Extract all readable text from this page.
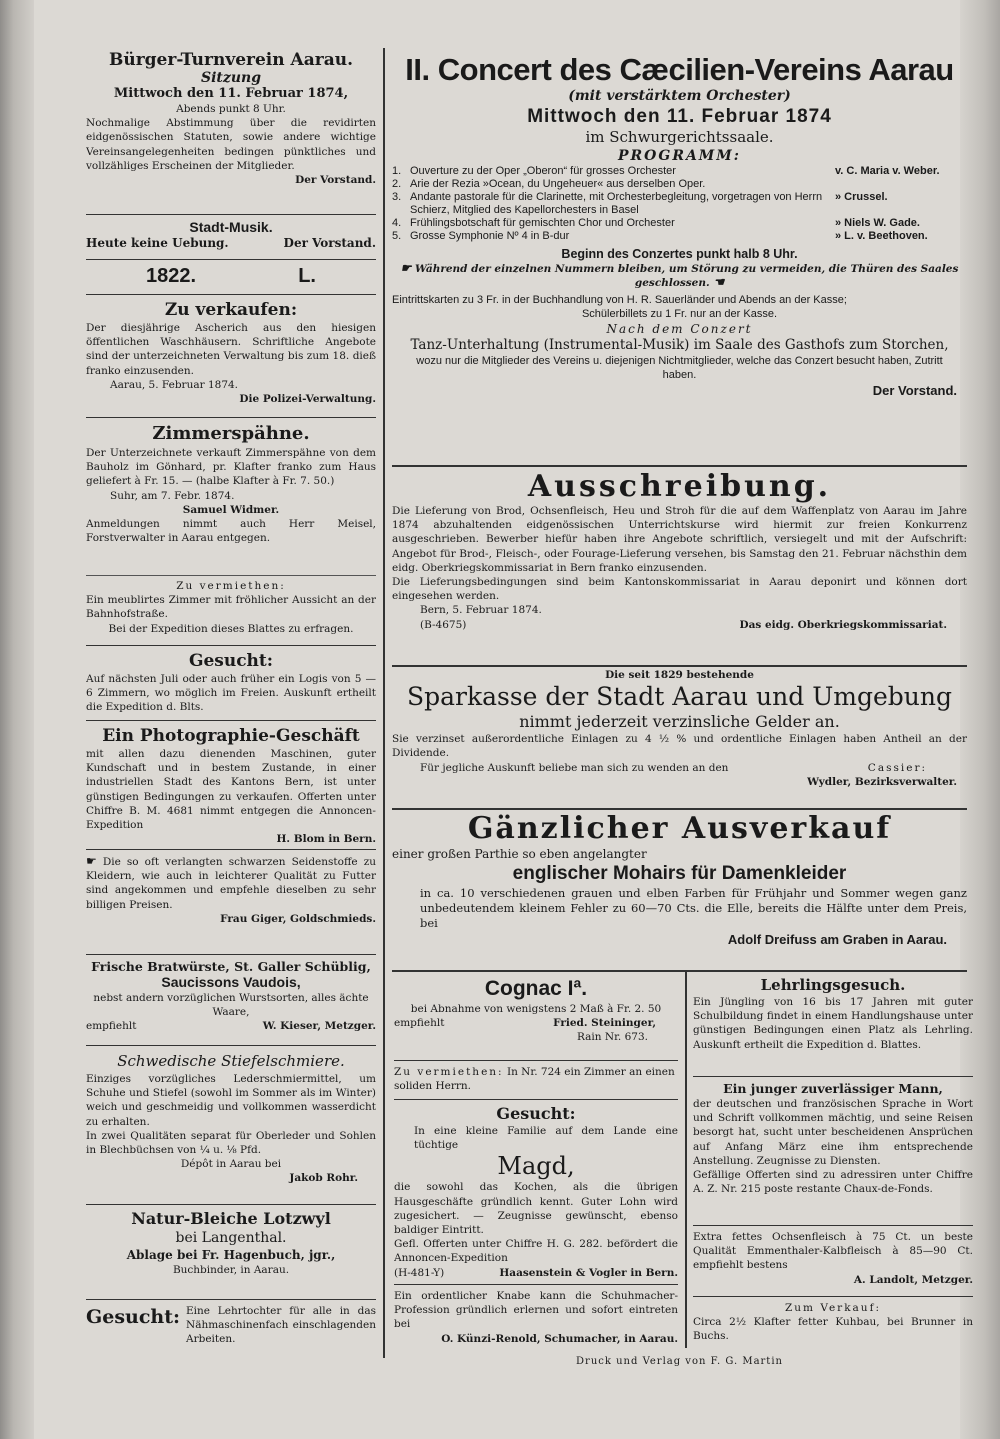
Bürger-Turnverein Aarau.
Sitzung
Mittwoch den 11. Februar 1874,
Abends punkt 8 Uhr.
Nochmalige Abstimmung über die revidirten eidgenössischen Statuten, sowie andere wichtige Vereinsangelegenheiten bedingen pünktliches und vollzähliges Erscheinen der Mitglieder.
Der Vorstand.
Stadt-Musik.
Heute keine Uebung.	Der Vorstand.
1822.	L.
Zu verkaufen:
Der diesjährige Ascherich aus den hiesigen öffentlichen Waschhäusern. Schriftliche Angebote sind der unterzeichneten Verwaltung bis zum 18. dieß franko einzusenden.
Aarau, 5. Februar 1874.
Die Polizei-Verwaltung.
Zimmerspähne.
Der Unterzeichnete verkauft Zimmerspähne von dem Bauholz im Gönhard, pr. Klafter franko zum Haus geliefert à Fr. 15. — (halbe Klafter à Fr. 7. 50.)
Suhr, am 7. Febr. 1874.
Samuel Widmer.
Anmeldungen nimmt auch Herr Meisel, Forstverwalter in Aarau entgegen.
Zu vermiethen:
Ein meublirtes Zimmer mit fröhlicher Aussicht an der Bahnhofstraße.
Bei der Expedition dieses Blattes zu erfragen.
Gesucht:
Auf nächsten Juli oder auch früher ein Logis von 5 — 6 Zimmern, wo möglich im Freien. Auskunft ertheilt die Expedition d. Blts.
Ein Photographie-Geschäft
mit allen dazu dienenden Maschinen, guter Kundschaft und in bestem Zustande, in einer industriellen Stadt des Kantons Bern, ist unter günstigen Bedingungen zu verkaufen. Offerten unter Chiffre B. M. 4681 nimmt entgegen die Annoncen-Expedition
H. Blom in Bern.
☛ Die so oft verlangten schwarzen Seidenstoffe zu Kleidern, wie auch in leichterer Qualität zu Futter sind angekommen und empfehle dieselben zu sehr billigen Preisen.
Frau Giger, Goldschmieds.
Frische Bratwürste, St. Galler Schüblig,
Saucissons Vaudois,
nebst andern vorzüglichen Wurstsorten, alles ächte Waare,
empfiehlt	W. Kieser, Metzger.
Schwedische Stiefelschmiere.
Einziges vorzügliches Lederschmiermittel, um Schuhe und Stiefel (sowohl im Sommer als im Winter) weich und geschmeidig und vollkommen wasserdicht zu erhalten.
In zwei Qualitäten separat für Oberleder und Sohlen in Blechbüchsen von ¼ u. ⅛ Pfd.
Dépôt in Aarau bei
Jakob Rohr.
Natur-Bleiche Lotzwyl
bei Langenthal.
Ablage bei Fr. Hagenbuch, jgr.,
Buchbinder, in Aarau.
Gesucht: Eine Lehrtochter für alle in das Nähmaschinenfach einschlagenden Arbeiten.
II. Concert des Cæcilien-Vereins Aarau
(mit verstärktem Orchester)
Mittwoch den 11. Februar 1874
im Schwurgerichtssaale.
PROGRAMM:
1.	Ouverture zu der Oper „Oberon“ für grosses Orchester	v. C. Maria v. Weber.
2.	Arie der Rezia »Ocean, du Ungeheuer« aus derselben Oper.	
3.	Andante pastorale für die Clarinette, mit Orchesterbegleitung, vorgetragen von Herrn Schierz, Mitglied des Kapellorchesters in Basel	» Crussel.
4.	Frühlingsbotschaft für gemischten Chor und Orchester	» Niels W. Gade.
5.	Grosse Symphonie Nº 4 in B-dur	» L. v. Beethoven.
Beginn des Conzertes punkt halb 8 Uhr.
☛ Während der einzelnen Nummern bleiben, um Störung zu vermeiden, die Thüren des Saales geschlossen. ☚
Eintrittskarten zu 3 Fr. in der Buchhandlung von H. R. Sauerländer und Abends an der Kasse;
Schülerbillets zu 1 Fr. nur an der Kasse.
Nach dem Conzert
Tanz-Unterhaltung (Instrumental-Musik) im Saale des Gasthofs zum Storchen,
wozu nur die Mitglieder des Vereins u. diejenigen Nichtmitglieder, welche das Conzert besucht haben, Zutritt haben.
Der Vorstand.
Ausschreibung.
Die Lieferung von Brod, Ochsenfleisch, Heu und Stroh für die auf dem Waffenplatz von Aarau im Jahre 1874 abzuhaltenden eidgenössischen Unterrichtskurse wird hiermit zur freien Konkurrenz ausgeschrieben. Bewerber hiefür haben ihre Angebote schriftlich, versiegelt und mit der Aufschrift: Angebot für Brod-, Fleisch-, oder Fourage-Lieferung versehen, bis Samstag den 21. Februar nächsthin dem eidg. Oberkriegskommissariat in Bern franko einzusenden.
Die Lieferungsbedingungen sind beim Kantonskommissariat in Aarau deponirt und können dort eingesehen werden.
Bern, 5. Februar 1874.
(B-4675)	Das eidg. Oberkriegskommissariat.
Die seit 1829 bestehende
Sparkasse der Stadt Aarau und Umgebung
nimmt jederzeit verzinsliche Gelder an.
Sie verzinset außerordentliche Einlagen zu 4 ½ % und ordentliche Einlagen haben Antheil an der Dividende.
Für jegliche Auskunft beliebe man sich zu wenden an den	Cassier:
Wydler, Bezirksverwalter.
Gänzlicher Ausverkauf
einer großen Parthie so eben angelangter
englischer Mohairs für Damenkleider
in ca. 10 verschiedenen grauen und elben Farben für Frühjahr und Sommer wegen ganz unbedeutendem kleinem Fehler zu 60—70 Cts. die Elle, bereits die Hälfte unter dem Preis, bei
Adolf Dreifuss am Graben in Aarau.
Cognac Iª.
bei Abnahme von wenigstens 2 Maß à Fr. 2. 50
empfiehlt	Fried. Steininger,
Rain Nr. 673.
Zu vermiethen: In Nr. 724 ein Zimmer an einen soliden Herrn.
Gesucht:
In eine kleine Familie auf dem Lande eine tüchtige
Magd,
die sowohl das Kochen, als die übrigen Hausgeschäfte gründlich kennt. Guter Lohn wird zugesichert. — Zeugnisse gewünscht, ebenso baldiger Eintritt.
Gefl. Offerten unter Chiffre H. G. 282. befördert die Annoncen-Expedition
(H-481-Y)	Haasenstein & Vogler in Bern.
Ein ordentlicher Knabe kann die Schuhmacher-Profession gründlich erlernen und sofort eintreten bei
O. Künzi-Renold, Schumacher, in Aarau.
Lehrlingsgesuch.
Ein Jüngling von 16 bis 17 Jahren mit guter Schulbildung findet in einem Handlungshause unter günstigen Bedingungen einen Platz als Lehrling. Auskunft ertheilt die Expedition d. Blattes.
Ein junger zuverlässiger Mann,
der deutschen und französischen Sprache in Wort und Schrift vollkommen mächtig, und seine Reisen besorgt hat, sucht unter bescheidenen Ansprüchen auf Anfang März eine ihm entsprechende Anstellung. Zeugnisse zu Diensten.
Gefällige Offerten sind zu adressiren unter Chiffre A. Z. Nr. 215 poste restante Chaux-de-Fonds.
Extra fettes Ochsenfleisch à 75 Ct. un beste Qualität Emmenthaler-Kalbfleisch à 85—90 Ct. empfiehlt bestens
A. Landolt, Metzger.
Zum Verkauf:
Circa 2½ Klafter fetter Kuhbau, bei Brunner in Buchs.
Druck und Verlag von F. G. Martin
